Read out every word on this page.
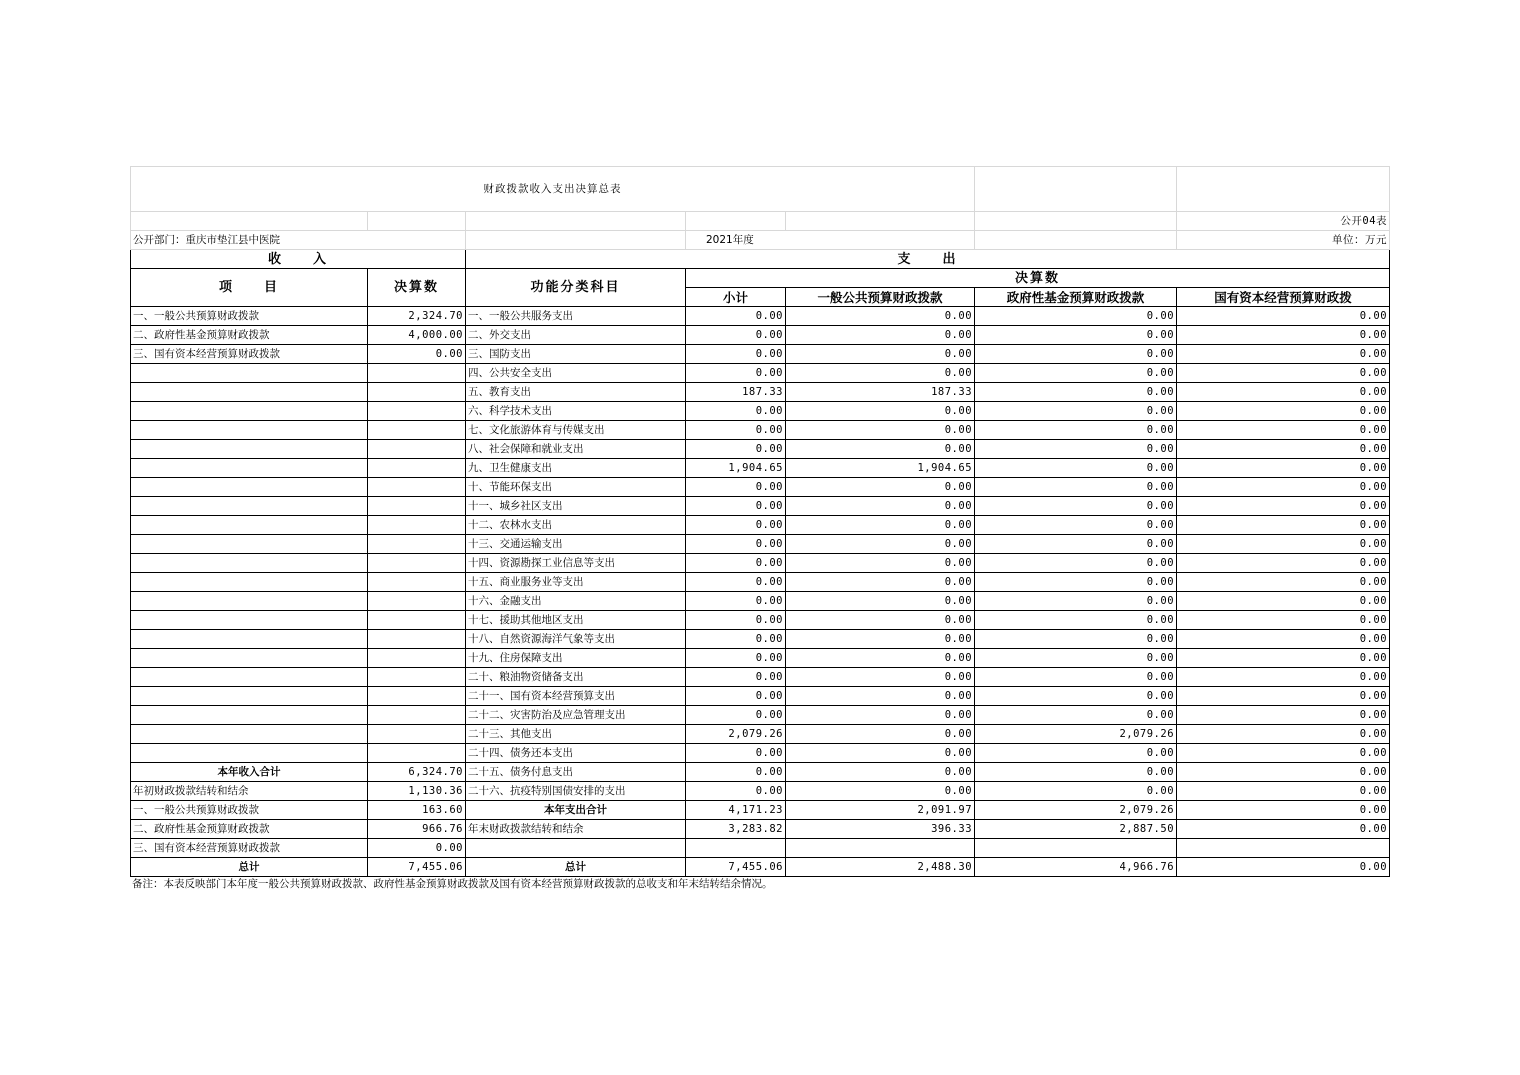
财政拨款收入支出决算总表						
						公开04表
公开部门：重庆市垫江县中医院			2021年度			单位：万元
收　　入		支　　出				
项　　目	决算数	功能分类科目	决算数			
			小计	一般公共预算财政拨款	政府性基金预算财政拨款	国有资本经营预算财政拨
一、一般公共预算财政拨款	2,324.70	一、一般公共服务支出	0.00	0.00	0.00	0.00
二、政府性基金预算财政拨款	4,000.00	二、外交支出	0.00	0.00	0.00	0.00
三、国有资本经营预算财政拨款	0.00	三、国防支出	0.00	0.00	0.00	0.00
		四、公共安全支出	0.00	0.00	0.00	0.00
		五、教育支出	187.33	187.33	0.00	0.00
		六、科学技术支出	0.00	0.00	0.00	0.00
		七、文化旅游体育与传媒支出	0.00	0.00	0.00	0.00
		八、社会保障和就业支出	0.00	0.00	0.00	0.00
		九、卫生健康支出	1,904.65	1,904.65	0.00	0.00
		十、节能环保支出	0.00	0.00	0.00	0.00
		十一、城乡社区支出	0.00	0.00	0.00	0.00
		十二、农林水支出	0.00	0.00	0.00	0.00
		十三、交通运输支出	0.00	0.00	0.00	0.00
		十四、资源勘探工业信息等支出	0.00	0.00	0.00	0.00
		十五、商业服务业等支出	0.00	0.00	0.00	0.00
		十六、金融支出	0.00	0.00	0.00	0.00
		十七、援助其他地区支出	0.00	0.00	0.00	0.00
		十八、自然资源海洋气象等支出	0.00	0.00	0.00	0.00
		十九、住房保障支出	0.00	0.00	0.00	0.00
		二十、粮油物资储备支出	0.00	0.00	0.00	0.00
		二十一、国有资本经营预算支出	0.00	0.00	0.00	0.00
		二十二、灾害防治及应急管理支出	0.00	0.00	0.00	0.00
		二十三、其他支出	2,079.26	0.00	2,079.26	0.00
		二十四、债务还本支出	0.00	0.00	0.00	0.00
本年收入合计	6,324.70	二十五、债务付息支出	0.00	0.00	0.00	0.00
年初财政拨款结转和结余	1,130.36	二十六、抗疫特别国债安排的支出	0.00	0.00	0.00	0.00
一、一般公共预算财政拨款	163.60	本年支出合计	4,171.23	2,091.97	2,079.26	0.00
二、政府性基金预算财政拨款	966.76	年末财政拨款结转和结余	3,283.82	396.33	2,887.50	0.00
三、国有资本经营预算财政拨款	0.00					
总计	7,455.06	总计	7,455.06	2,488.30	4,966.76	0.00
备注：本表反映部门本年度一般公共预算财政拨款、政府性基金预算财政拨款及国有资本经营预算财政拨款的总收支和年末结转结余情况。
